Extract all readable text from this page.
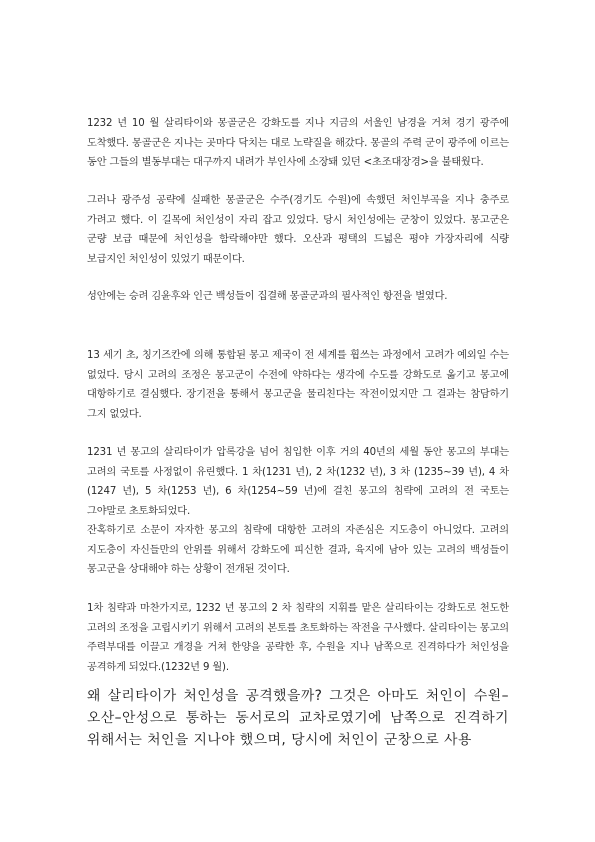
1232 년 10 월 살리타이와 몽골군은 강화도를 지나 지금의 서울인 남경을 거쳐 경기 광주에 도착했다. 몽골군은 지나는 곳마다 닥치는 대로 노략질을 해갔다. 몽골의 주력 군이 광주에 이르는 동안 그들의 별동부대는 대구까지 내려가 부인사에 소장돼 있던 <초조대장경>을 불태웠다.

그러나 광주성 공략에 실패한 몽골군은 수주(경기도 수원)에 속했던 처인부곡을 지나 충주로 가려고 했다. 이 길목에 처인성이 자리 잡고 있었다. 당시 처인성에는 군창이 있었다. 몽고군은 군량 보급 때문에 처인성을 함락해야만 했다. 오산과 평택의 드넓은 평야 가장자리에 식량 보급지인 처인성이 있었기 때문이다.

성안에는 승려 김윤후와 인근 백성들이 집결해 몽골군과의 필사적인 항전을 벌였다.

13 세기 초, 칭기즈칸에 의해 통합된 몽고 제국이 전 세계를 휩쓰는 과정에서 고려가 예외일 수는 없었다. 당시 고려의 조정은 몽고군이 수전에 약하다는 생각에 수도를 강화도로 옮기고 몽고에 대항하기로 결심했다. 장기전을 통해서 몽고군을 물리친다는 작전이었지만 그 결과는 참담하기 그지 없었다.

1231 년 몽고의 살리타이가 압록강을 넘어 침입한 이후 거의 40년의 세월 동안 몽고의 부대는 고려의 국토를 사정없이 유린했다. 1 차(1231 년), 2 차(1232 년), 3 차 (1235~39 년), 4 차(1247 년), 5 차(1253 년), 6 차(1254~59 년)에 걸친 몽고의 침략에 고려의 전 국토는 그야말로 초토화되었다.

잔혹하기로 소문이 자자한 몽고의 침략에 대항한 고려의 자존심은 지도층이 아니었다. 고려의 지도층이 자신들만의 안위를 위해서 강화도에 피신한 결과, 육지에 남아 있는 고려의 백성들이 몽고군을 상대해야 하는 상황이 전개된 것이다.

1차 침략과 마찬가지로, 1232 년 몽고의 2 차 침략의 지휘를 맡은 살리타이는 강화도로 천도한 고려의 조정을 고립시키기 위해서 고려의 본토를 초토화하는 작전을 구사했다. 살리타이는 몽고의 주력부대를 이끌고 개경을 거쳐 한양을 공략한 후, 수원을 지나 남쪽으로 진격하다가 처인성을 공격하게 되었다.(1232년 9 월).

왜 살리타이가 처인성을 공격했을까? 그것은 아마도 처인이 수원–오산–안성으로 통하는 동서로의 교차로였기에 남쪽으로 진격하기 위해서는 처인을 지나야 했으며, 당시에 처인이 군창으로 사용
